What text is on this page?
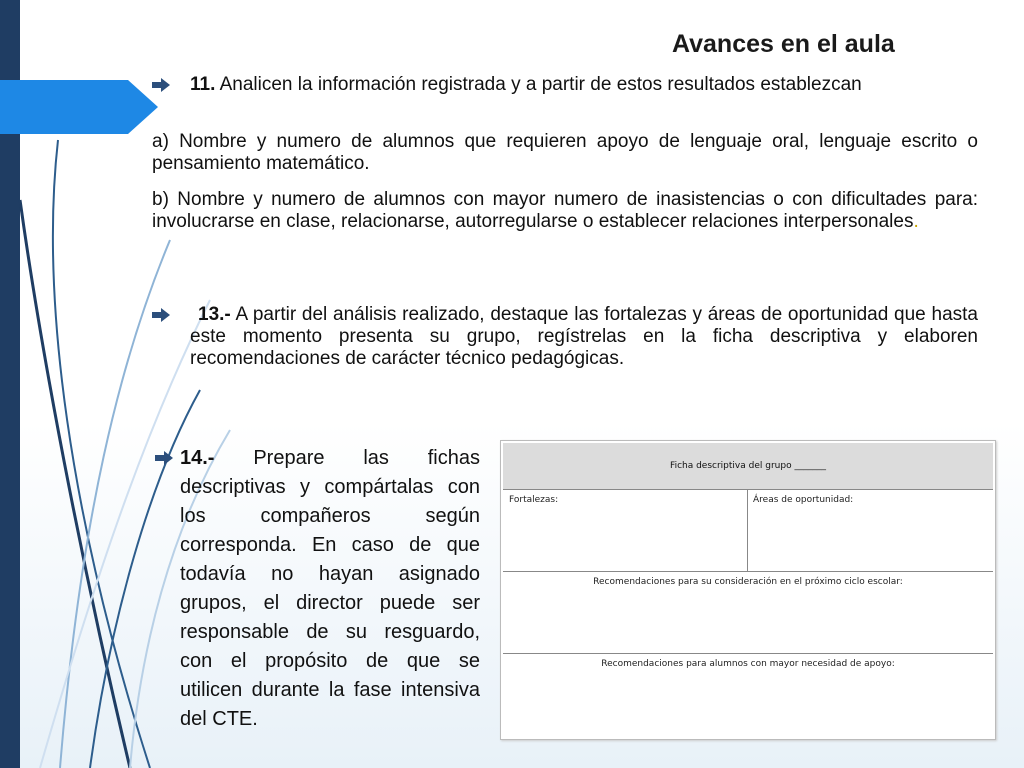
Avances en el aula
11. Analicen la información registrada y a partir de estos resultados establezcan
a) Nombre y numero de alumnos que requieren apoyo de lenguaje oral, lenguaje escrito o pensamiento matemático.
b) Nombre y numero de alumnos con mayor numero de inasistencias o con dificultades para: involucrarse en clase, relacionarse, autorregularse o establecer relaciones interpersonales.
13.- A partir del análisis realizado, destaque las fortalezas y áreas de oportunidad que hasta este momento presenta su grupo, regístrelas en la ficha descriptiva y elaboren recomendaciones de carácter técnico pedagógicas.
14.- Prepare las fichas descriptivas y compártalas con los compañeros según corresponda. En caso de que todavía no hayan asignado grupos, el director puede ser responsable de su resguardo, con el propósito de que se utilicen durante la fase intensiva del CTE.
Ficha descriptiva del grupo _______
Fortalezas:	Áreas de oportunidad:
Recomendaciones para su consideración en el próximo ciclo escolar:
Recomendaciones para alumnos con mayor necesidad de apoyo:
